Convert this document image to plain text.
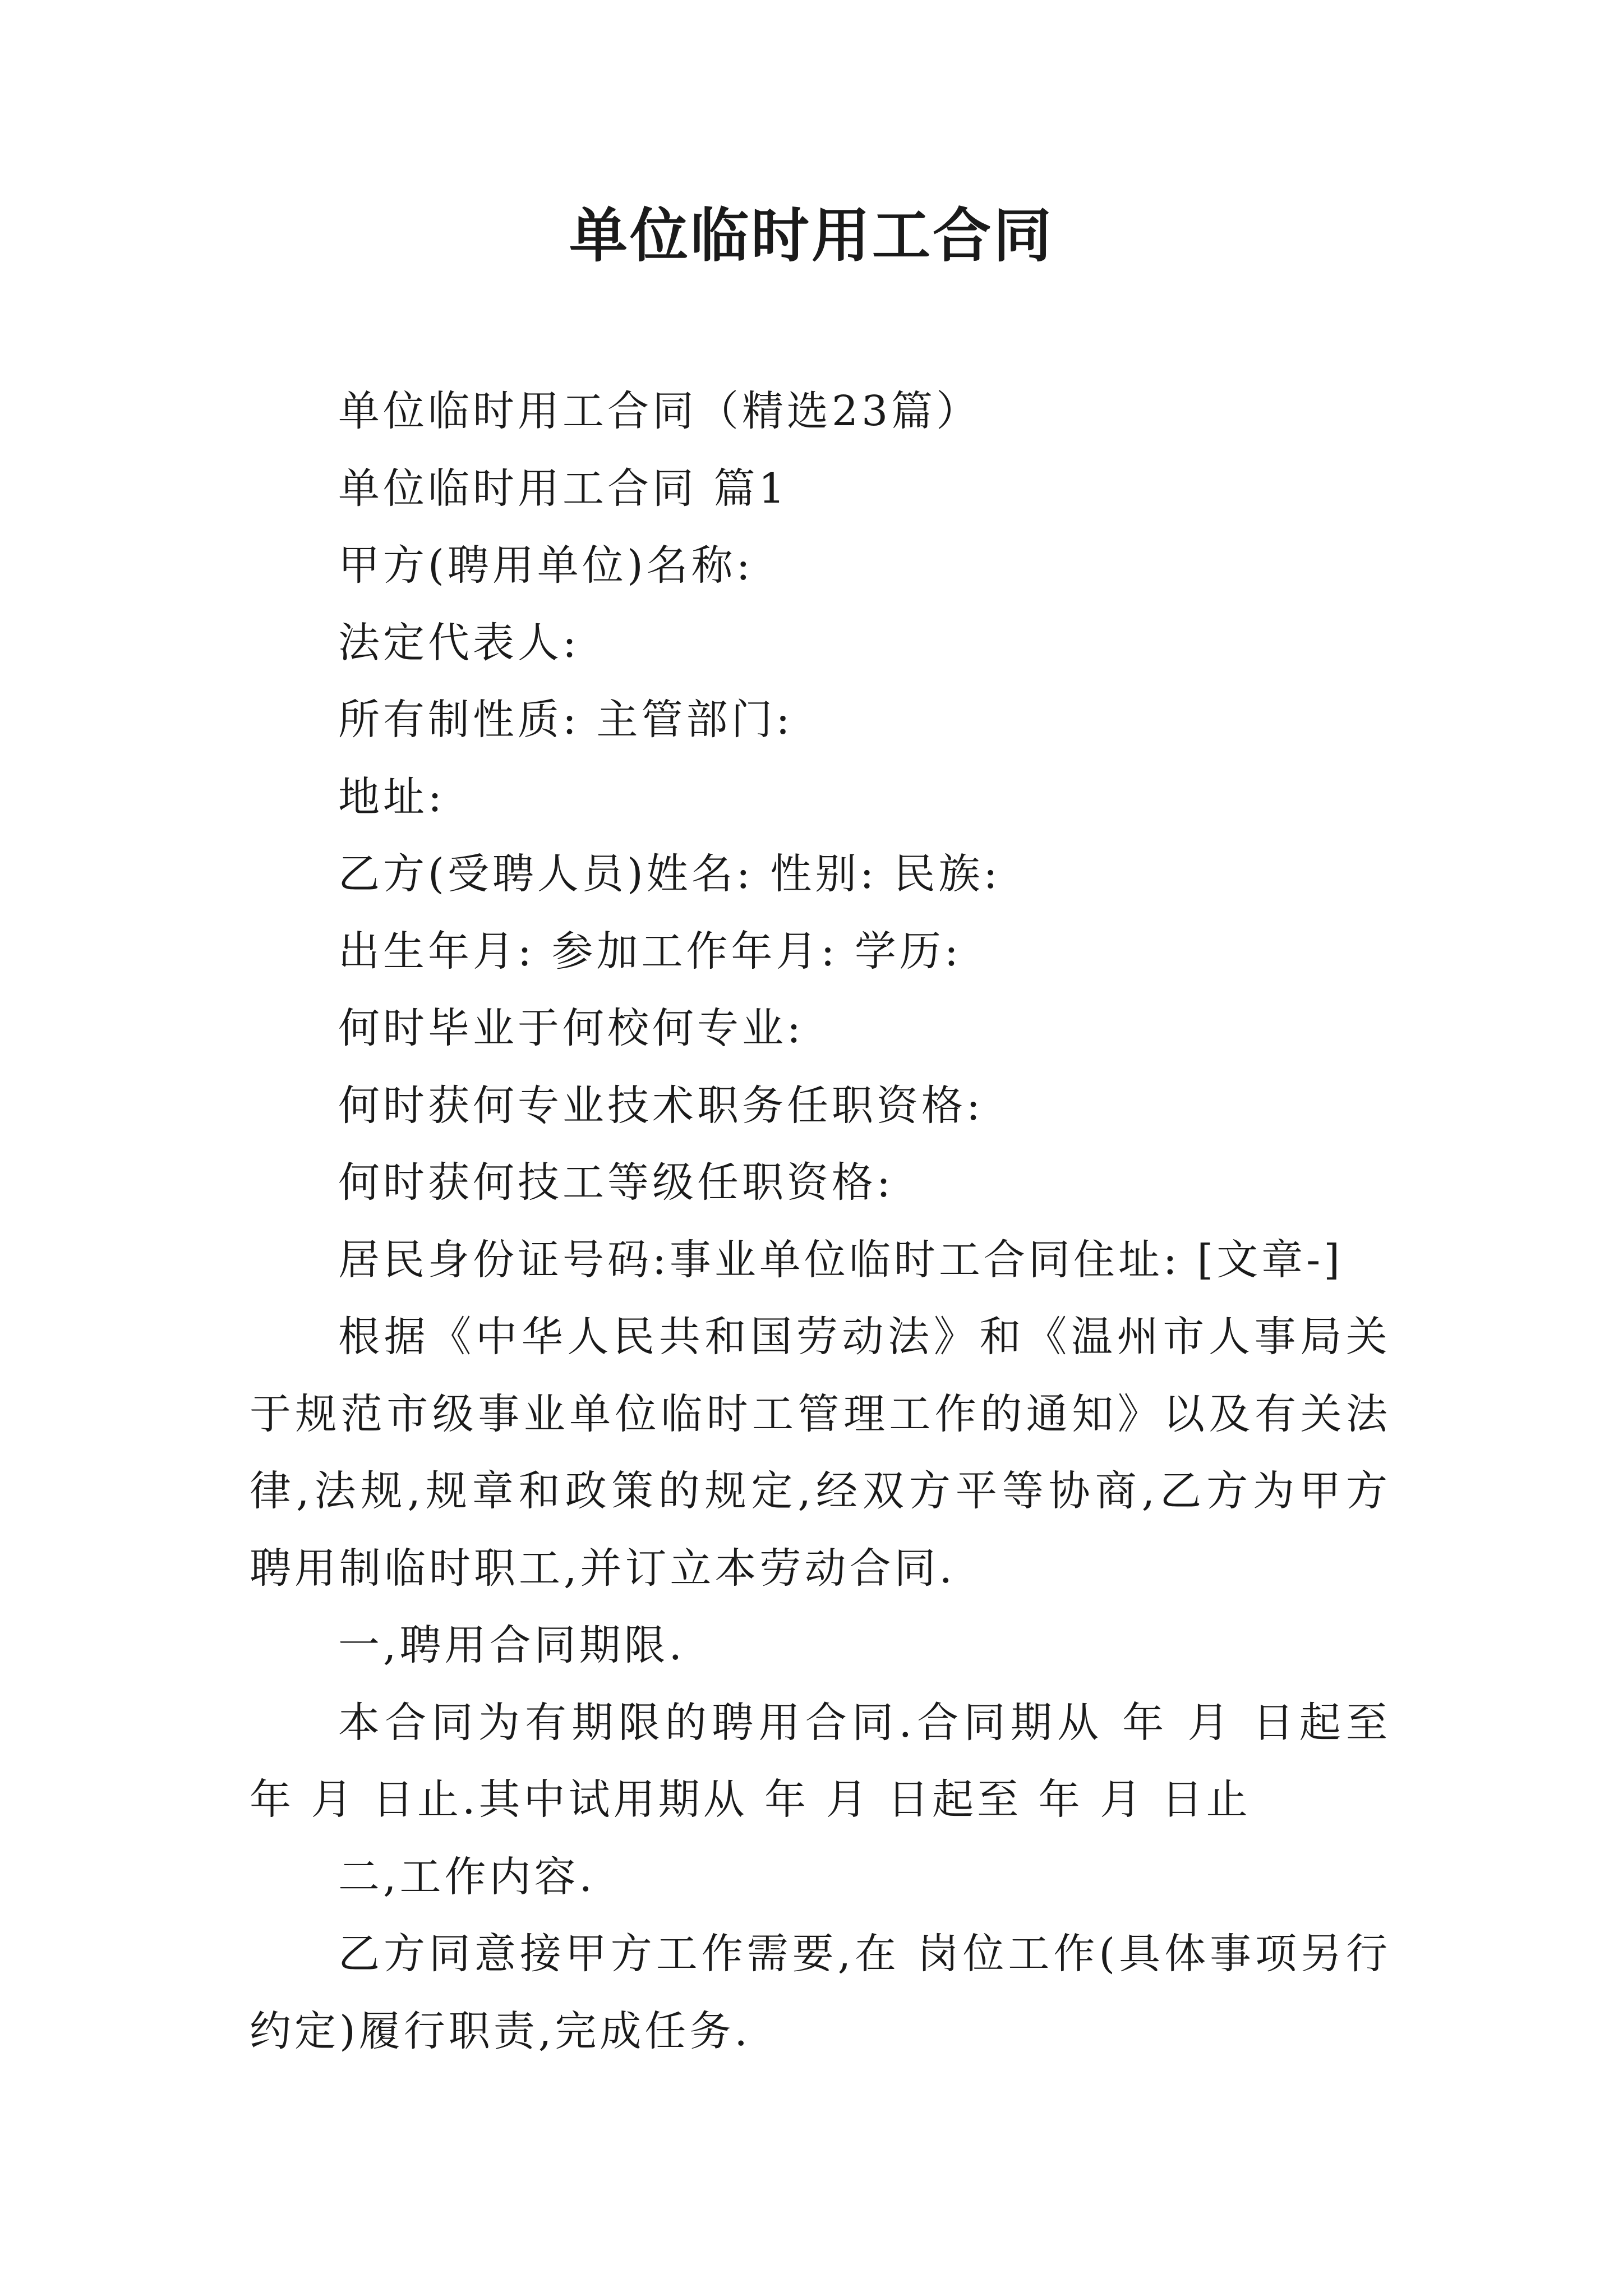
单位临时用工合同

单位临时用工合同（精选23篇）

单位临时用工合同 篇1

甲方(聘用单位)名称:

法定代表人:

所有制性质: 主管部门:

地址:

乙方(受聘人员)姓名: 性别: 民族:

出生年月: 参加工作年月: 学历:

何时毕业于何校何专业:

何时获何专业技术职务任职资格:

何时获何技工等级任职资格:

居民身份证号码:事业单位临时工合同住址: [文章-]

根据《中华人民共和国劳动法》和《温州市人事局关于规范市级事业单位临时工管理工作的通知》以及有关法律,法规,规章和政策的规定,经双方平等协商,乙方为甲方聘用制临时职工,并订立本劳动合同.

一,聘用合同期限.

本合同为有期限的聘用合同.合同期从 年 月 日起至 年 月 日止.其中试用期从 年 月 日起至 年 月 日止

二,工作内容.

乙方同意接甲方工作需要,在 岗位工作(具体事项另行约定)履行职责,完成任务.
